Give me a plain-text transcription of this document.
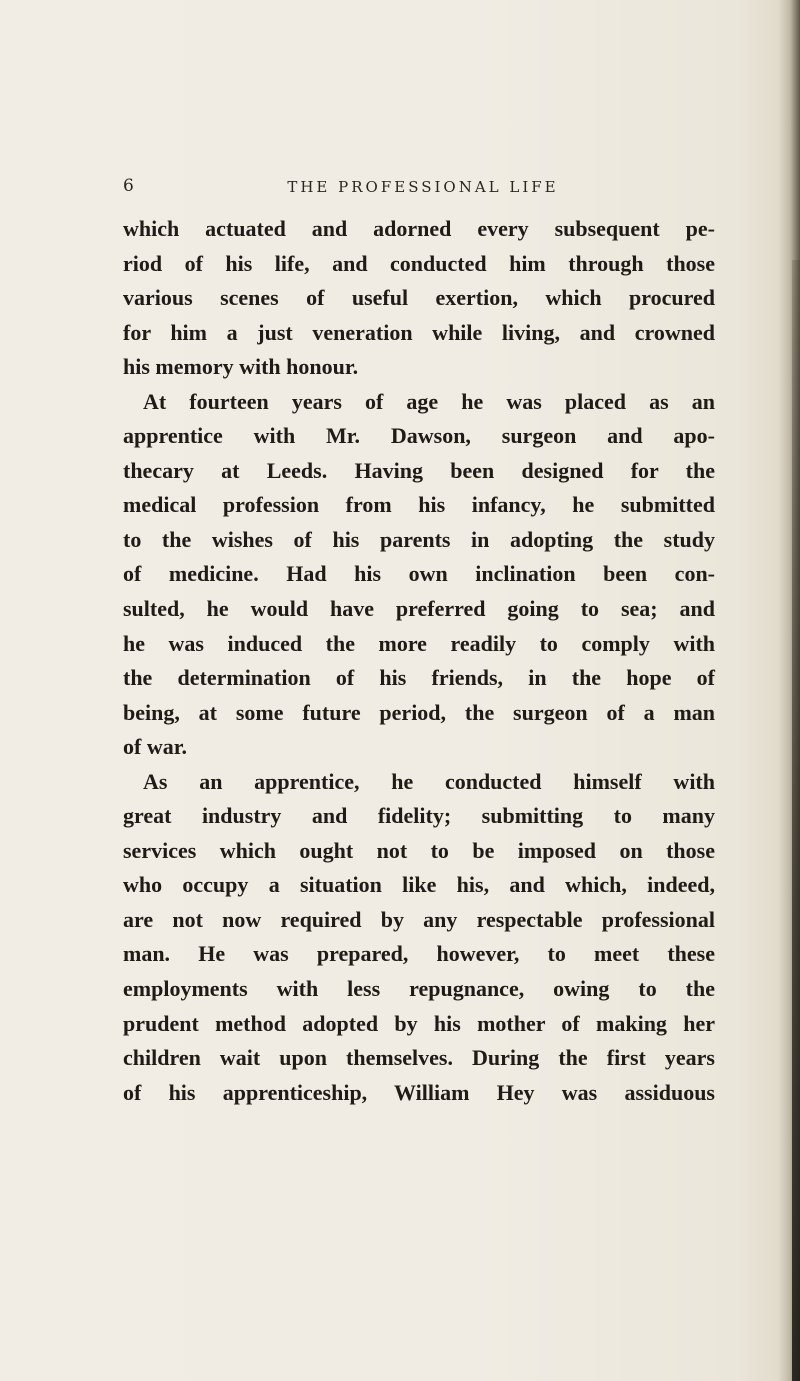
6	THE PROFESSIONAL LIFE
which actuated and adorned every subsequent pe-
riod of his life, and conducted him through those
various scenes of useful exertion, which procured
for him a just veneration while living, and crowned
his memory with honour.
At fourteen years of age he was placed as an
apprentice with Mr. Dawson, surgeon and apo-
thecary at Leeds. Having been designed for the
medical profession from his infancy, he submitted
to the wishes of his parents in adopting the study
of medicine. Had his own inclination been con-
sulted, he would have preferred going to sea; and
he was induced the more readily to comply with
the determination of his friends, in the hope of
being, at some future period, the surgeon of a man
of war.
As an apprentice, he conducted himself with
great industry and fidelity; submitting to many
services which ought not to be imposed on those
who occupy a situation like his, and which, indeed,
are not now required by any respectable professional
man. He was prepared, however, to meet these
employments with less repugnance, owing to the
prudent method adopted by his mother of making her
children wait upon themselves. During the first years
of his apprenticeship, William Hey was assiduous
